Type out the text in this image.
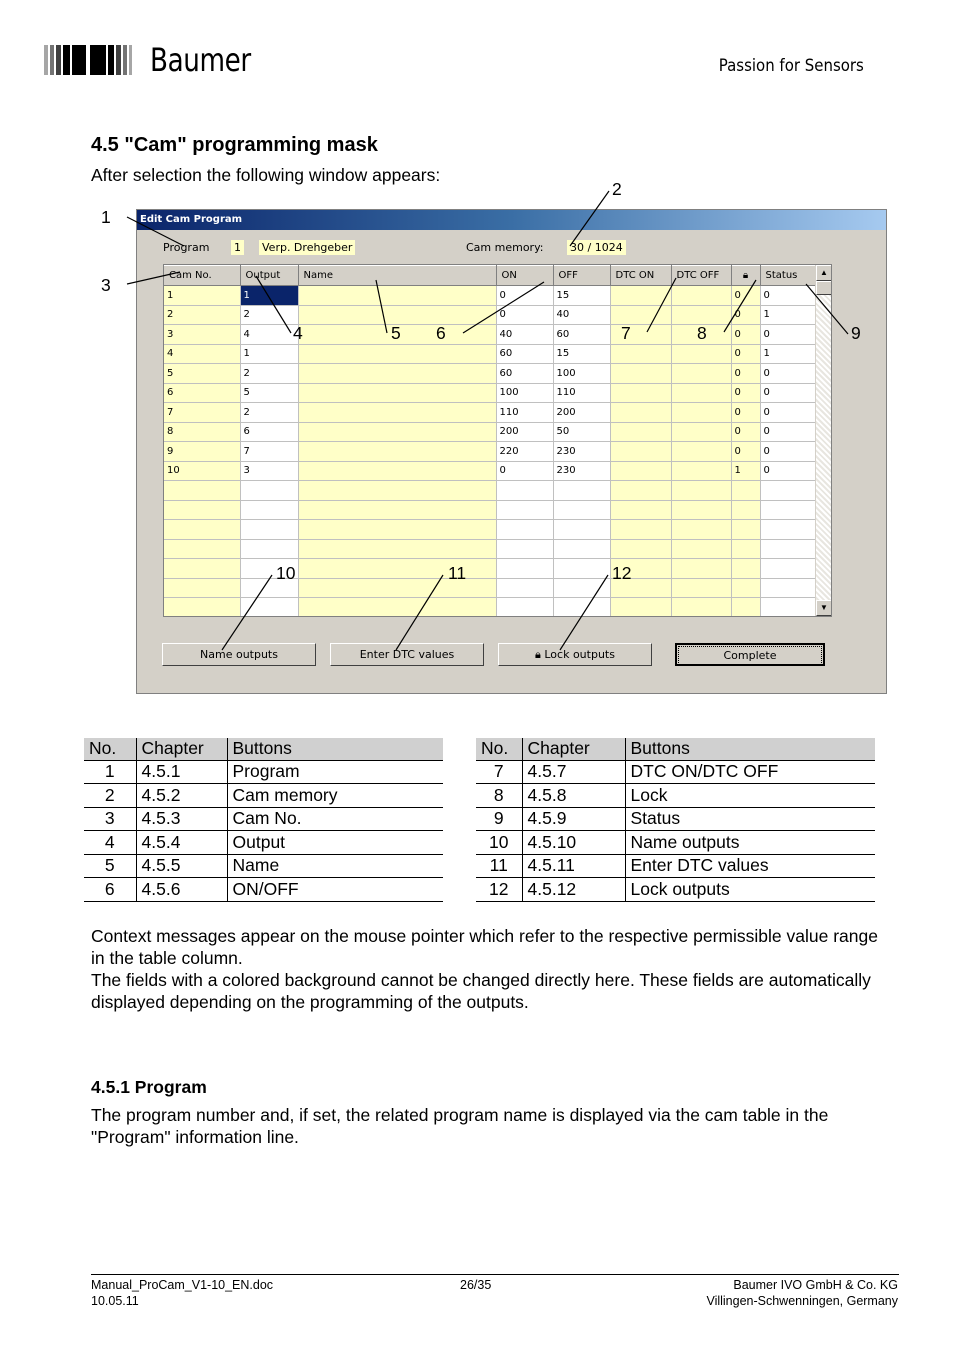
Baumer	Passion for Sensors
4.5 "Cam" programming mask
After selection the following window appears:
Edit Cam Program
Program 1 Verp. Drehgeber	Cam memory: 30 / 1024
Cam No.	Output	Name	ON	OFF	DTC ON	DTC OFF	🔒︎	Status
1	1		0	15			0	0
2	2		0	40			0	1
3	4		40	60			0	0
4	1		60	15			0	1
5	2		60	100			0	0
6	5		100	110			0	0
7	2		110	200			0	0
8	6		200	50			0	0
9	7		220	230			0	0
10	3		0	230			1	0

▲
▼
Name outputs	Enter DTC values	🔒︎ Lock outputs	Complete
1
2
3
4	5 6	7	8	9
10	11	12
No.	Chapter	Buttons
1	4.5.1	Program
2	4.5.2	Cam memory
3	4.5.3	Cam No.
4	4.5.4	Output
5	4.5.5	Name
6	4.5.6	ON/OFF
No.	Chapter	Buttons
7	4.5.7	DTC ON/DTC OFF
8	4.5.8	Lock
9	4.5.9	Status
10	4.5.10	Name outputs
11	4.5.11	Enter DTC values
12	4.5.12	Lock outputs
Context messages appear on the mouse pointer which refer to the respective permissible value range in the table column.
The fields with a colored background cannot be changed directly here. These fields are automatically displayed depending on the programming of the outputs.
4.5.1 Program
The program number and, if set, the related program name is displayed via the cam table in the "Program" information line.
Manual_ProCam_V1-10_EN.doc
10.05.11
26/35	Baumer IVO GmbH & Co. KG
Villingen-Schwenningen, Germany
